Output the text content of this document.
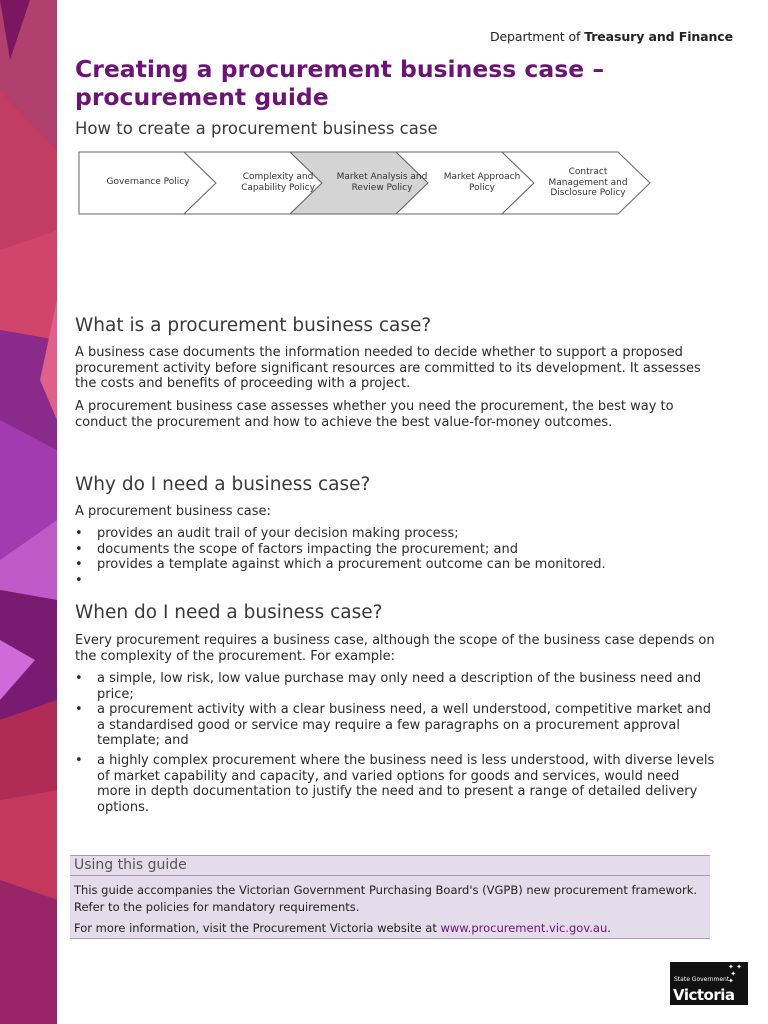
Department of Treasury and Finance
Creating a procurement business case – procurement guide
How to create a procurement business case
Governance Policy	Complexity and Capability Policy
Market Analysis and Review Policy
Market Approach Policy
Contract Management and Disclosure Policy
What is a procurement business case?
A business case documents the information needed to decide whether to support a proposed procurement activity before significant resources are committed to its development. It assesses the costs and benefits of proceeding with a project.
A procurement business case assesses whether you need the procurement, the best way to conduct the procurement and how to achieve the best value-for-money outcomes.
Why do I need a business case?
A procurement business case:
• provides an audit trail of your decision making process;
• documents the scope of factors impacting the procurement; and
• provides a template against which a procurement outcome can be monitored.
•
When do I need a business case?
Every procurement requires a business case, although the scope of the business case depends on the complexity of the procurement. For example:
• a simple, low risk, low value purchase may only need a description of the business need and price;
• a procurement activity with a clear business need, a well understood, competitive market and a standardised good or service may require a few paragraphs on a procurement approval template; and
• a highly complex procurement where the business need is less understood, with diverse levels of market capability and capacity, and varied options for goods and services, would need more in depth documentation to justify the need and to present a range of detailed delivery options.
Using this guide
This guide accompanies the Victorian Government Purchasing Board's (VGPB) new procurement framework. Refer to the policies for mandatory requirements.
For more information, visit the Procurement Victoria website at www.procurement.vic.gov.au.
✦ ✦
✦
✦
State Government
Victoria
